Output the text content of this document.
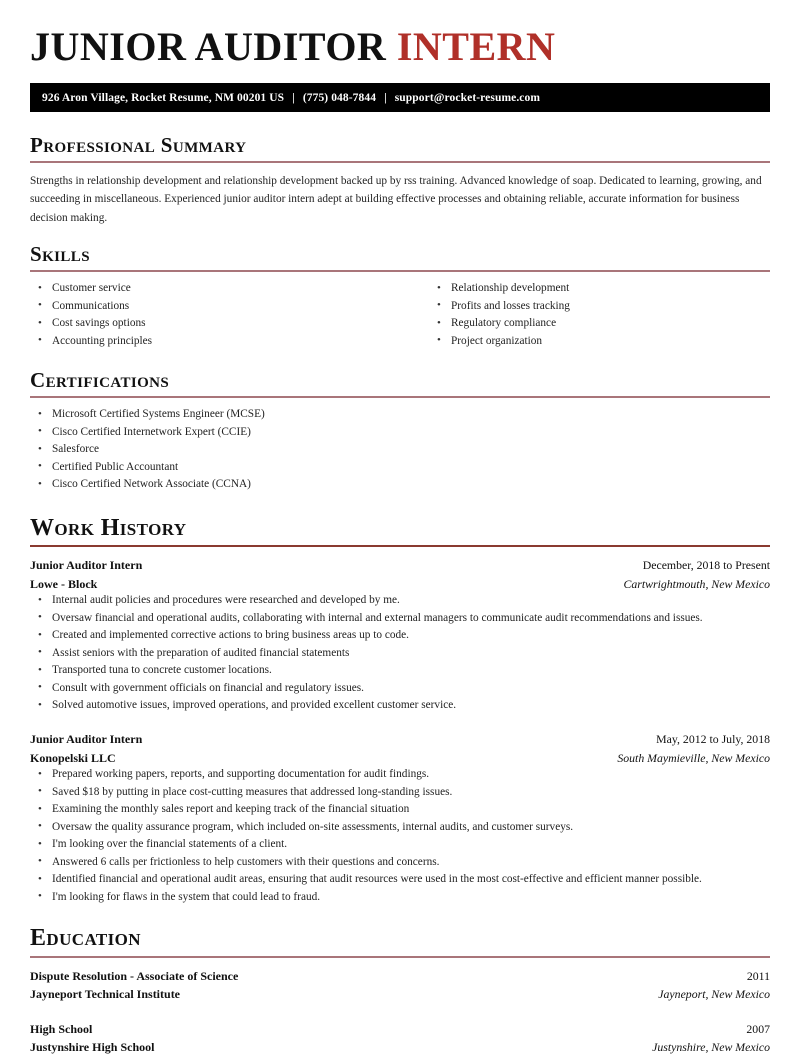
JUNIOR AUDITOR INTERN
926 Aron Village, Rocket Resume, NM 00201 US | (775) 048-7844 | support@rocket-resume.com
Professional Summary

Strengths in relationship development and relationship development backed up by rss training. Advanced knowledge of soap. Dedicated to learning, growing, and succeeding in miscellaneous. Experienced junior auditor intern adept at building effective processes and obtaining reliable, accurate information for business decision making.

Skills
• Customer service
• Communications
• Cost savings options
• Accounting principles
• Relationship development
• Profits and losses tracking
• Regulatory compliance
• Project organization
Certifications
• Microsoft Certified Systems Engineer (MCSE)
• Cisco Certified Internetwork Expert (CCIE)
• Salesforce
• Certified Public Accountant
• Cisco Certified Network Associate (CCNA)
Work History
Junior Auditor Intern	December, 2018 to Present
Lowe - Block	Cartwrightmouth, New Mexico
• Internal audit policies and procedures were researched and developed by me.
• Oversaw financial and operational audits, collaborating with internal and external managers to communicate audit recommendations and issues.
• Created and implemented corrective actions to bring business areas up to code.
• Assist seniors with the preparation of audited financial statements
• Transported tuna to concrete customer locations.
• Consult with government officials on financial and regulatory issues.
• Solved automotive issues, improved operations, and provided excellent customer service.
Junior Auditor Intern	May, 2012 to July, 2018
Konopelski LLC	South Maymieville, New Mexico
• Prepared working papers, reports, and supporting documentation for audit findings.
• Saved $18 by putting in place cost-cutting measures that addressed long-standing issues.
• Examining the monthly sales report and keeping track of the financial situation
• Oversaw the quality assurance program, which included on-site assessments, internal audits, and customer surveys.
• I'm looking over the financial statements of a client.
• Answered 6 calls per frictionless to help customers with their questions and concerns.
• Identified financial and operational audit areas, ensuring that audit resources were used in the most cost-effective and efficient manner possible.
• I'm looking for flaws in the system that could lead to fraud.
Education
Dispute Resolution - Associate of Science	2011
Jayneport Technical Institute	Jayneport, New Mexico
High School	2007
Justynshire High School	Justynshire, New Mexico
